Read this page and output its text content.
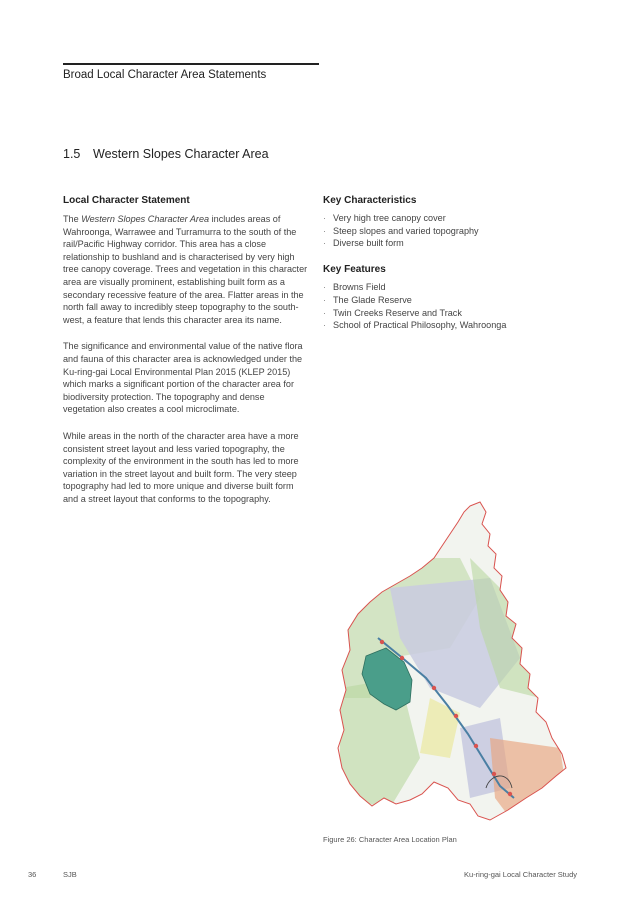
Broad Local Character Area Statements
1.5 Western Slopes Character Area
Local Character Statement

The Western Slopes Character Area includes areas of Wahroonga, Warrawee and Turramurra to the south of the rail/Pacific Highway corridor. This area has a close relationship to bushland and is characterised by very high tree canopy coverage. Trees and vegetation in this character area are visually prominent, establishing built form as a secondary recessive feature of the area. Flatter areas in the north fall away to incredibly steep topography to the south-west, a feature that lends this character area its name.

The significance and environmental value of the native flora and fauna of this character area is acknowledged under the Ku-ring-gai Local Environmental Plan 2015 (KLEP 2015) which marks a significant portion of the character area for biodiversity protection. The topography and dense vegetation also creates a cool microclimate.

While areas in the north of the character area have a more consistent street layout and less varied topography, the complexity of the environment in the south has led to more variation in the street layout and built form. The very steep topography had led to more unique and diverse built form and a street layout that conforms to the topography.

Key Characteristics
· Very high tree canopy cover
· Steep slopes and varied topography
· Diverse built form
Key Features
· Browns Field
· The Glade Reserve
· Twin Creeks Reserve and Track
· School of Practical Philosophy, Wahroonga
Figure 26: Character Area Location Plan
36	SJB	Ku-ring-gai Local Character Study
